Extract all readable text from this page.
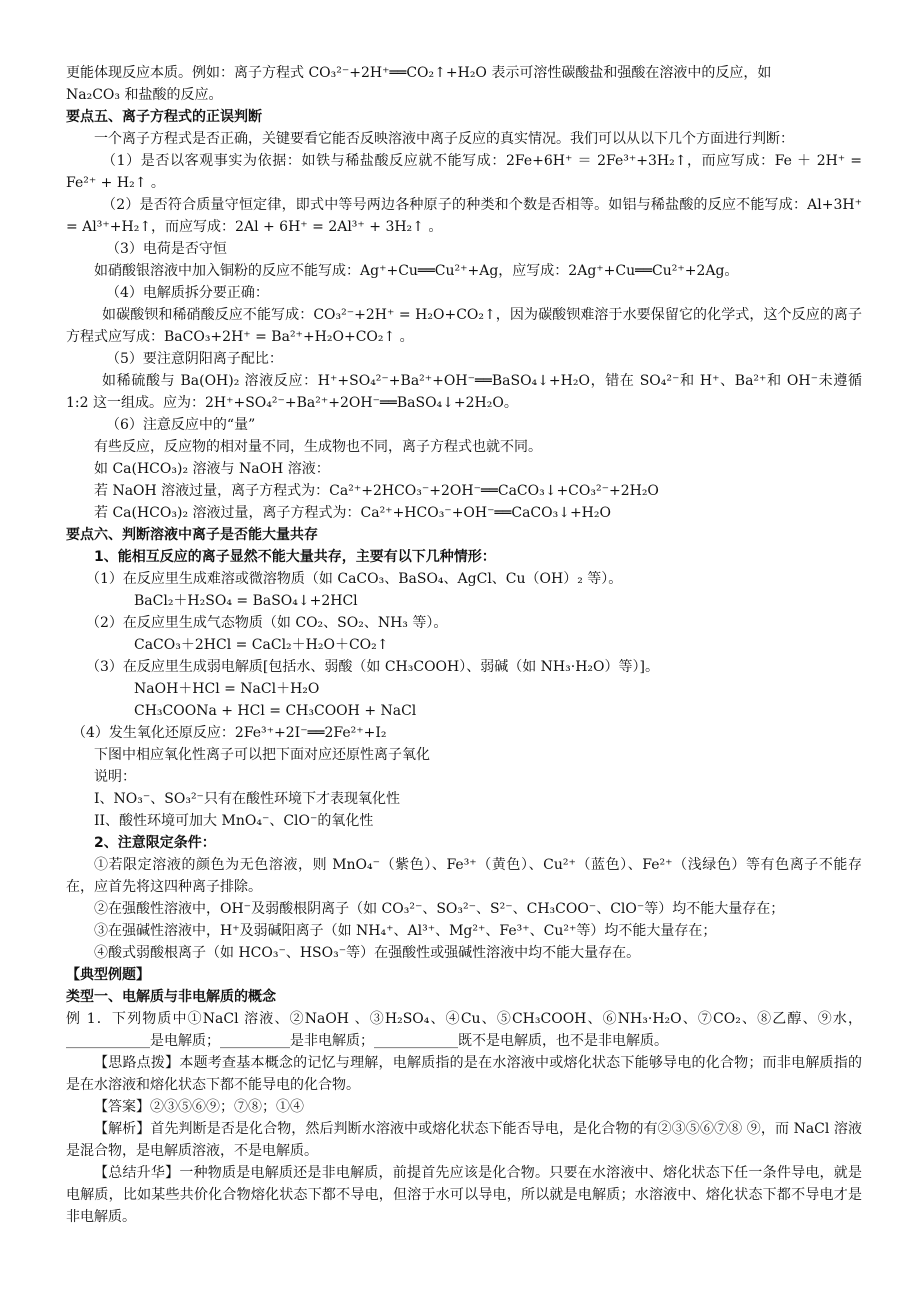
更能体现反应本质。例如：离子方程式 CO₃²⁻+2H⁺══CO₂↑+H₂O 表示可溶性碳酸盐和强酸在溶液中的反应，如

Na₂CO₃ 和盐酸的反应。

要点五、离子方程式的正误判断

一个离子方程式是否正确，关键要看它能否反映溶液中离子反应的真实情况。我们可以从以下几个方面进行判断：

（1）是否以客观事实为依据：如铁与稀盐酸反应就不能写成：2Fe+6H⁺ ＝ 2Fe³⁺+3H₂↑，而应写成：Fe ＋ 2H⁺ = Fe²⁺ + H₂↑ 。

（2）是否符合质量守恒定律，即式中等号两边各种原子的种类和个数是否相等。如铝与稀盐酸的反应不能写成：Al+3H⁺ = Al³⁺+H₂↑，而应写成：2Al + 6H⁺ = 2Al³⁺ + 3H₂↑ 。

（3）电荷是否守恒

如硝酸银溶液中加入铜粉的反应不能写成：Ag⁺+Cu══Cu²⁺+Ag，应写成：2Ag⁺+Cu══Cu²⁺+2Ag。

（4）电解质拆分要正确：

如碳酸钡和稀硝酸反应不能写成：CO₃²⁻+2H⁺ = H₂O+CO₂↑，因为碳酸钡难溶于水要保留它的化学式，这个反应的离子方程式应写成：BaCO₃+2H⁺ = Ba²⁺+H₂O+CO₂↑ 。

（5）要注意阴阳离子配比：

如稀硫酸与 Ba(OH)₂ 溶液反应：H⁺+SO₄²⁻+Ba²⁺+OH⁻══BaSO₄↓+H₂O，错在 SO₄²⁻和 H⁺、Ba²⁺和 OH⁻未遵循 1:2 这一组成。应为：2H⁺+SO₄²⁻+Ba²⁺+2OH⁻══BaSO₄↓+2H₂O。

（6）注意反应中的“量”

有些反应，反应物的相对量不同，生成物也不同，离子方程式也就不同。

如 Ca(HCO₃)₂ 溶液与 NaOH 溶液：

若 NaOH 溶液过量，离子方程式为：Ca²⁺+2HCO₃⁻+2OH⁻══CaCO₃↓+CO₃²⁻+2H₂O

若 Ca(HCO₃)₂ 溶液过量，离子方程式为：Ca²⁺+HCO₃⁻+OH⁻══CaCO₃↓+H₂O

要点六、判断溶液中离子是否能大量共存

1、能相互反应的离子显然不能大量共存，主要有以下几种情形：

（1）在反应里生成难溶或微溶物质（如 CaCO₃、BaSO₄、AgCl、Cu（OH）₂ 等）。

BaCl₂＋H₂SO₄ = BaSO₄↓+2HCl

（2）在反应里生成气态物质（如 CO₂、SO₂、NH₃ 等）。

CaCO₃＋2HCl = CaCl₂＋H₂O＋CO₂↑

（3）在反应里生成弱电解质[包括水、弱酸（如 CH₃COOH）、弱碱（如 NH₃·H₂O）等）]。

NaOH＋HCl = NaCl＋H₂O

CH₃COONa + HCl = CH₃COOH + NaCl

（4）发生氧化还原反应：2Fe³⁺+2I⁻══2Fe²⁺+I₂

下图中相应氧化性离子可以把下面对应还原性离子氧化

说明：

I、NO₃⁻、SO₃²⁻只有在酸性环境下才表现氧化性

II、酸性环境可加大 MnO₄⁻、ClO⁻的氧化性

2、注意限定条件：

①若限定溶液的颜色为无色溶液，则 MnO₄⁻（紫色）、Fe³⁺（黄色）、Cu²⁺（蓝色）、Fe²⁺（浅绿色）等有色离子不能存在，应首先将这四种离子排除。

②在强酸性溶液中，OH⁻及弱酸根阴离子（如 CO₃²⁻、SO₃²⁻、S²⁻、CH₃COO⁻、ClO⁻等）均不能大量存在；

③在强碱性溶液中，H⁺及弱碱阳离子（如 NH₄⁺、Al³⁺、Mg²⁺、Fe³⁺、Cu²⁺等）均不能大量存在；

④酸式弱酸根离子（如 HCO₃⁻、HSO₃⁻等）在强酸性或强碱性溶液中均不能大量存在。

【典型例题】

类型一、电解质与非电解质的概念

例 1．下列物质中①NaCl 溶液、②NaOH 、③H₂SO₄、④Cu、⑤CH₃COOH、⑥NH₃·H₂O、⑦CO₂、⑧乙醇、⑨水，____________是电解质；__________是非电解质；____________既不是电解质，也不是非电解质。

【思路点拨】本题考查基本概念的记忆与理解，电解质指的是在水溶液中或熔化状态下能够导电的化合物；而非电解质指的是在水溶液和熔化状态下都不能导电的化合物。

【答案】②③⑤⑥⑨；⑦⑧；①④

【解析】首先判断是否是化合物，然后判断水溶液中或熔化状态下能否导电，是化合物的有②③⑤⑥⑦⑧ ⑨，而 NaCl 溶液是混合物，是电解质溶液，不是电解质。

【总结升华】一种物质是电解质还是非电解质，前提首先应该是化合物。只要在水溶液中、熔化状态下任一条件导电，就是电解质，比如某些共价化合物熔化状态下都不导电，但溶于水可以导电，所以就是电解质；水溶液中、熔化状态下都不导电才是非电解质。
